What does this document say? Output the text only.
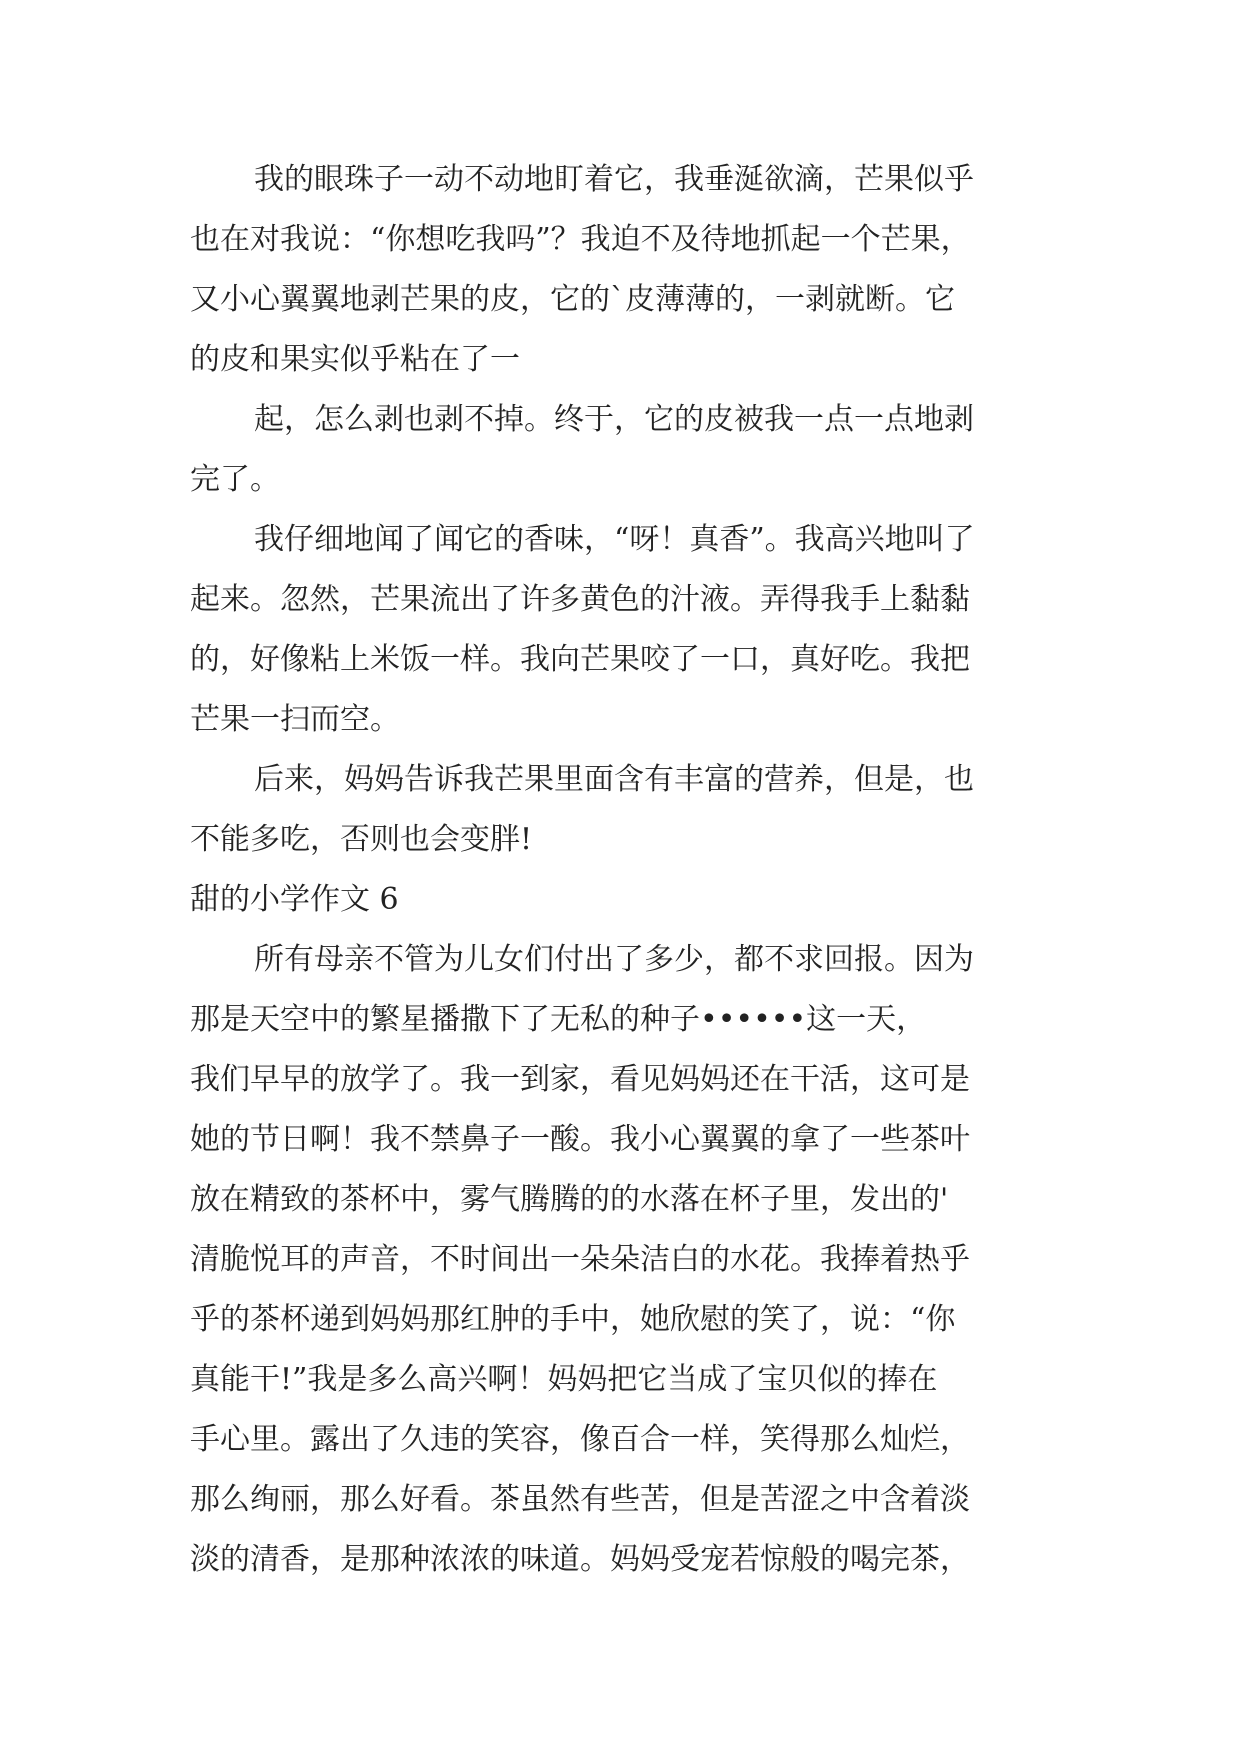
我的眼珠子一动不动地盯着它，我垂涎欲滴，芒果似乎
也在对我说：“你想吃我吗”？我迫不及待地抓起一个芒果，
又小心翼翼地剥芒果的皮，它的`皮薄薄的，一剥就断。它
的皮和果实似乎粘在了一
起，怎么剥也剥不掉。终于，它的皮被我一点一点地剥
完了。
我仔细地闻了闻它的香味，“呀！真香”。我高兴地叫了
起来。忽然，芒果流出了许多黄色的汁液。弄得我手上黏黏
的，好像粘上米饭一样。我向芒果咬了一口，真好吃。我把
芒果一扫而空。
后来，妈妈告诉我芒果里面含有丰富的营养，但是，也
不能多吃，否则也会变胖!
甜的小学作文 6
所有母亲不管为儿女们付出了多少，都不求回报。因为
那是天空中的繁星播撒下了无私的种子••••••这一天，
我们早早的放学了。我一到家，看见妈妈还在干活，这可是
她的节日啊！我不禁鼻子一酸。我小心翼翼的拿了一些茶叶
放在精致的茶杯中，雾气腾腾的的水落在杯子里，发出的'
清脆悦耳的声音，不时间出一朵朵洁白的水花。我捧着热乎
乎的茶杯递到妈妈那红肿的手中，她欣慰的笑了，说：“你
真能干!”我是多么高兴啊！妈妈把它当成了宝贝似的捧在
手心里。露出了久违的笑容，像百合一样，笑得那么灿烂，
那么绚丽，那么好看。茶虽然有些苦，但是苦涩之中含着淡
淡的清香，是那种浓浓的味道。妈妈受宠若惊般的喝完茶，
